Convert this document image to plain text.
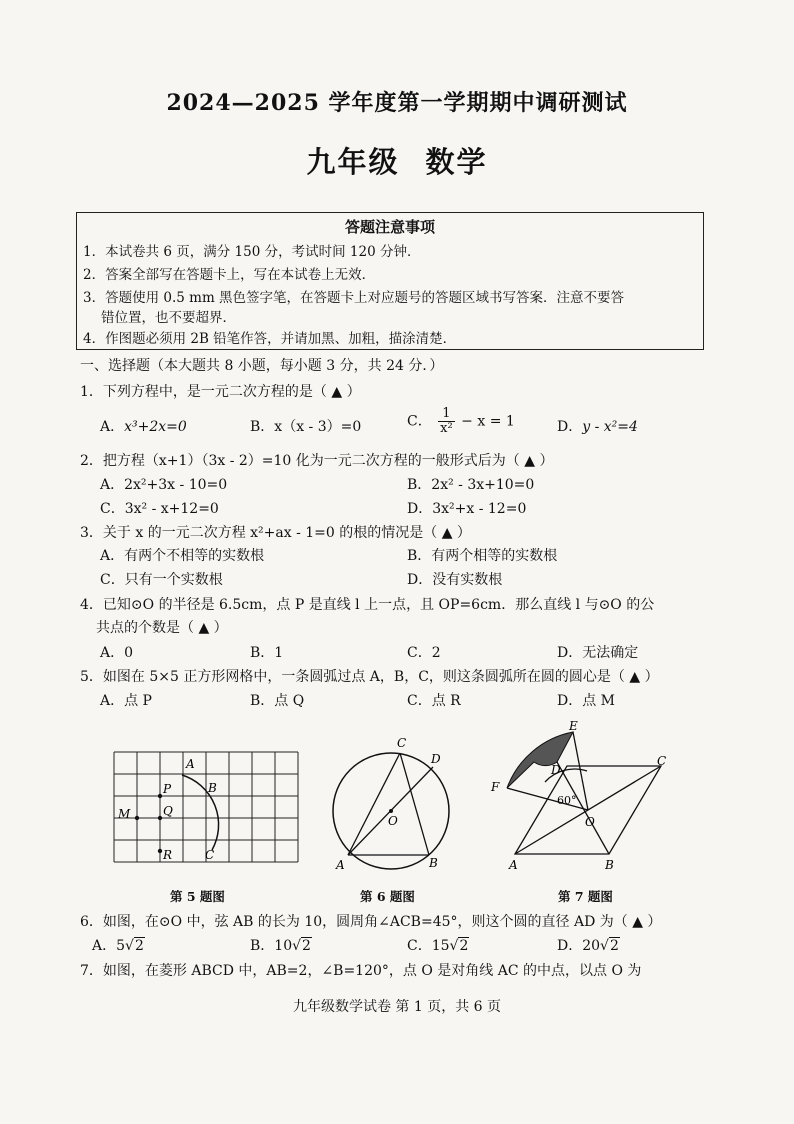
2024—2025 学年度第一学期期中调研测试
九年级 数学
答题注意事项
1．本试卷共 6 页，满分 150 分，考试时间 120 分钟．
2．答案全部写在答题卡上，写在本试卷上无效．
3．答题使用 0.5 mm 黑色签字笔，在答题卡上对应题号的答题区域书写答案．注意不要答
错位置，也不要超界．
4．作图题必须用 2B 铅笔作答，并请加黑、加粗，描涂清楚．
一、选择题（本大题共 8 小题，每小题 3 分，共 24 分．）
1．下列方程中，是一元二次方程的是（ ▲ ）
A．x³+2x=0	B．x（x - 3）=0	C． $\frac{1}{\text{x²}} - x = 1$	D．y - x²=4
2．把方程（x+1）（3x - 2）=10 化为一元二次方程的一般形式后为（ ▲ ）
A．2x²+3x - 10=0	B．2x² - 3x+10=0
C．3x² - x+12=0	D．3x²+x - 12=0
3．关于 x 的一元二次方程 x²+ax - 1=0 的根的情况是（ ▲ ）
A．有两个不相等的实数根	B．有两个相等的实数根
C．只有一个实数根	D．没有实数根
4．已知⊙O 的半径是 6.5cm，点 P 是直线 l 上一点，且 OP=6cm．那么直线 l 与⊙O 的公
共点的个数是（ ▲ ）
A．0	B．1	C．2	D．无法确定
5．如图在 5×5 正方形网格中，一条圆弧过点 A，B，C，则这条圆弧所在圆的圆心是（ ▲ ）
A．点 P	B．点 Q	C．点 R	D．点 M
A
B
P
Q
M
R	C
第 5 题图
C
D
O
A	B
第 6 题图
E
D
C
F
60°
O
A	B
第 7 题图
6．如图，在⊙O 中，弦 AB 的长为 10，圆周角∠ACB=45°，则这个圆的直径 AD 为（ ▲ ）
A．5√2	B．10√2	C．15√2	D．20√2
7．如图，在菱形 ABCD 中，AB=2，∠B=120°，点 O 是对角线 AC 的中点，以点 O 为
九年级数学试卷 第 1 页，共 6 页
